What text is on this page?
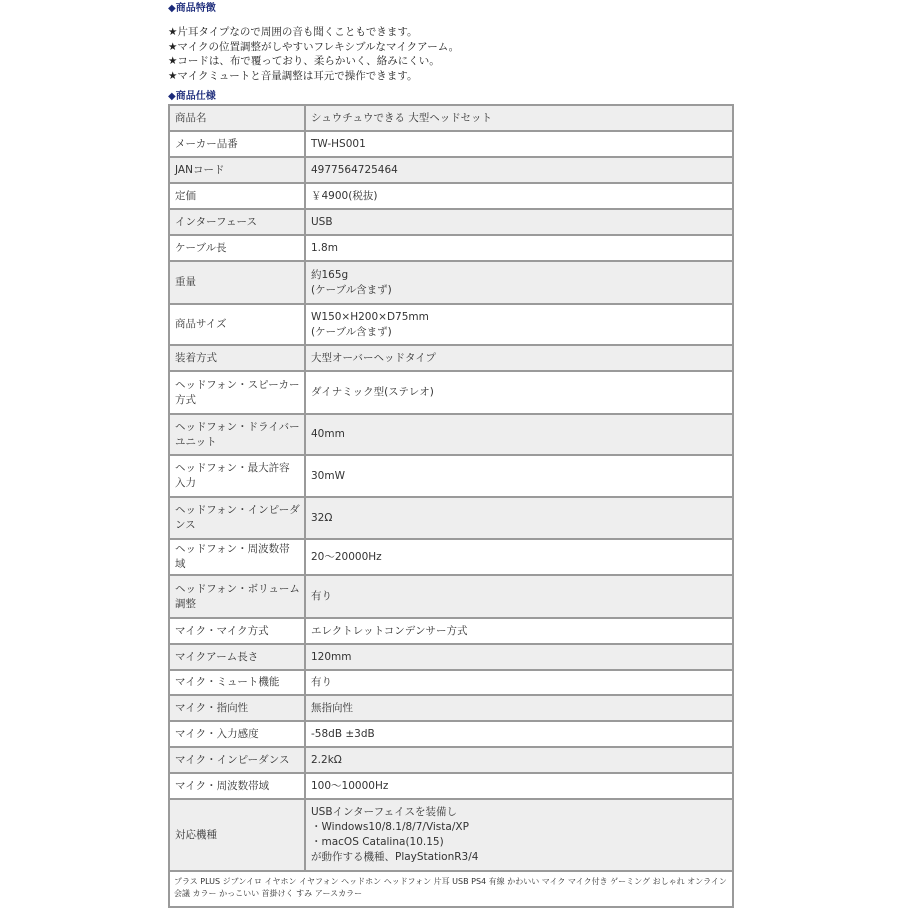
◆商品特徴
★片耳タイプなので周囲の音も聞くこともできます。
★マイクの位置調整がしやすいフレキシブルなマイクアーム。
★コードは、布で覆っており、柔らかいく、絡みにくい。
★マイクミュートと音量調整は耳元で操作できます。
◆商品仕様
商品名	シュウチュウできる 大型ヘッドセット

メーカー品番	TW-HS001

JANコード	4977564725464

定価	￥4900(税抜)

インターフェース	USB

ケーブル長	1.8m

重量	約165g
(ケーブル含まず)

商品サイズ	W150×H200×D75mm
(ケーブル含まず)

装着方式	大型オーバーヘッドタイプ

ヘッドフォン・スピーカー方式	ダイナミック型(ステレオ)

ヘッドフォン・ドライバーユニット	40mm

ヘッドフォン・最大許容入力	30mW

ヘッドフォン・インピーダンス	32Ω

ヘッドフォン・周波数帯域	20～20000Hz

ヘッドフォン・ボリューム調整	有り

マイク・マイク方式	エレクトレットコンデンサー方式

マイクアーム長さ	120mm

マイク・ミュート機能	有り

マイク・指向性	無指向性

マイク・入力感度	-58dB ±3dB

マイク・インピーダンス	2.2kΩ

マイク・周波数帯域	100～10000Hz

対応機種	USBインターフェイスを装備し
・Windows10/8.1/8/7/Vista/XP
・macOS Catalina(10.15)
が動作する機種、PlayStationR3/4

プラス PLUS ジブンイロ イヤホン イヤフォン ヘッドホン ヘッドフォン 片耳 USB PS4 有線 かわいい マイク マイク付き ゲーミング おしゃれ オンライン会議 カラー かっこいい 首掛けく すみ アースカラー	
